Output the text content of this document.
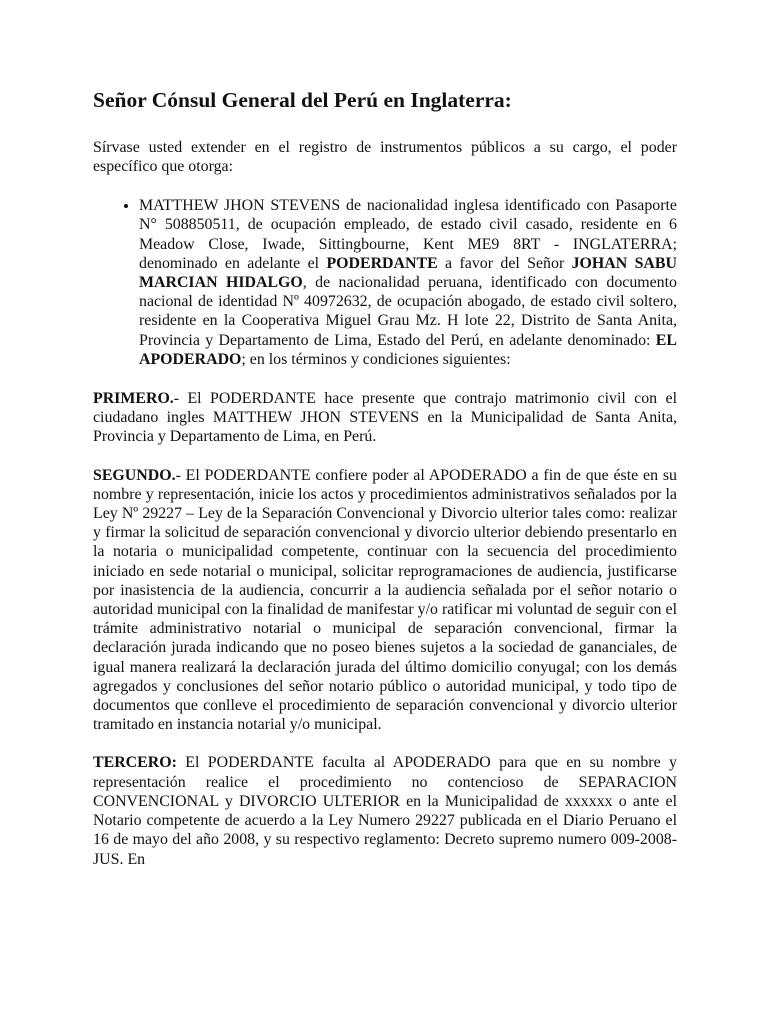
Señor Cónsul General del Perú en Inglaterra:

Sírvase usted extender en el registro de instrumentos públicos a su cargo, el poder específico que otorga:

• MATTHEW JHON STEVENS de nacionalidad inglesa identificado con Pasaporte N° 508850511, de ocupación empleado, de estado civil casado, residente en 6 Meadow Close, Iwade, Sittingbourne, Kent ME9 8RT - INGLATERRA; denominado en adelante el PODERDANTE a favor del Señor JOHAN SABU MARCIAN HIDALGO, de nacionalidad peruana, identificado con documento nacional de identidad Nº 40972632, de ocupación abogado, de estado civil soltero, residente en la Cooperativa Miguel Grau Mz. H lote 22, Distrito de Santa Anita, Provincia y Departamento de Lima, Estado del Perú, en adelante denominado: EL APODERADO; en los términos y condiciones siguientes:

PRIMERO.- El PODERDANTE hace presente que contrajo matrimonio civil con el ciudadano ingles MATTHEW JHON STEVENS en la Municipalidad de Santa Anita, Provincia y Departamento de Lima, en Perú.

SEGUNDO.- El PODERDANTE confiere poder al APODERADO a fin de que éste en su nombre y representación, inicie los actos y procedimientos administrativos señalados por la Ley Nº 29227 – Ley de la Separación Convencional y Divorcio ulterior tales como: realizar y firmar la solicitud de separación convencional y divorcio ulterior debiendo presentarlo en la notaria o municipalidad competente, continuar con la secuencia del procedimiento iniciado en sede notarial o municipal, solicitar reprogramaciones de audiencia, justificarse por inasistencia de la audiencia, concurrir a la audiencia señalada por el señor notario o autoridad municipal con la finalidad de manifestar y/o ratificar mi voluntad de seguir con el trámite administrativo notarial o municipal de separación convencional, firmar la declaración jurada indicando que no poseo bienes sujetos a la sociedad de gananciales, de igual manera realizará la declaración jurada del último domicilio conyugal; con los demás agregados y conclusiones del señor notario público o autoridad municipal, y todo tipo de documentos que conlleve el procedimiento de separación convencional y divorcio ulterior tramitado en instancia notarial y/o municipal.

TERCERO: El PODERDANTE faculta al APODERADO para que en su nombre y representación realice el procedimiento no contencioso de SEPARACION CONVENCIONAL y DIVORCIO ULTERIOR en la Municipalidad de xxxxxx o ante el Notario competente de acuerdo a la Ley Numero 29227 publicada en el Diario Peruano el 16 de mayo del año 2008, y su respectivo reglamento: Decreto supremo numero 009-2008-JUS. En
